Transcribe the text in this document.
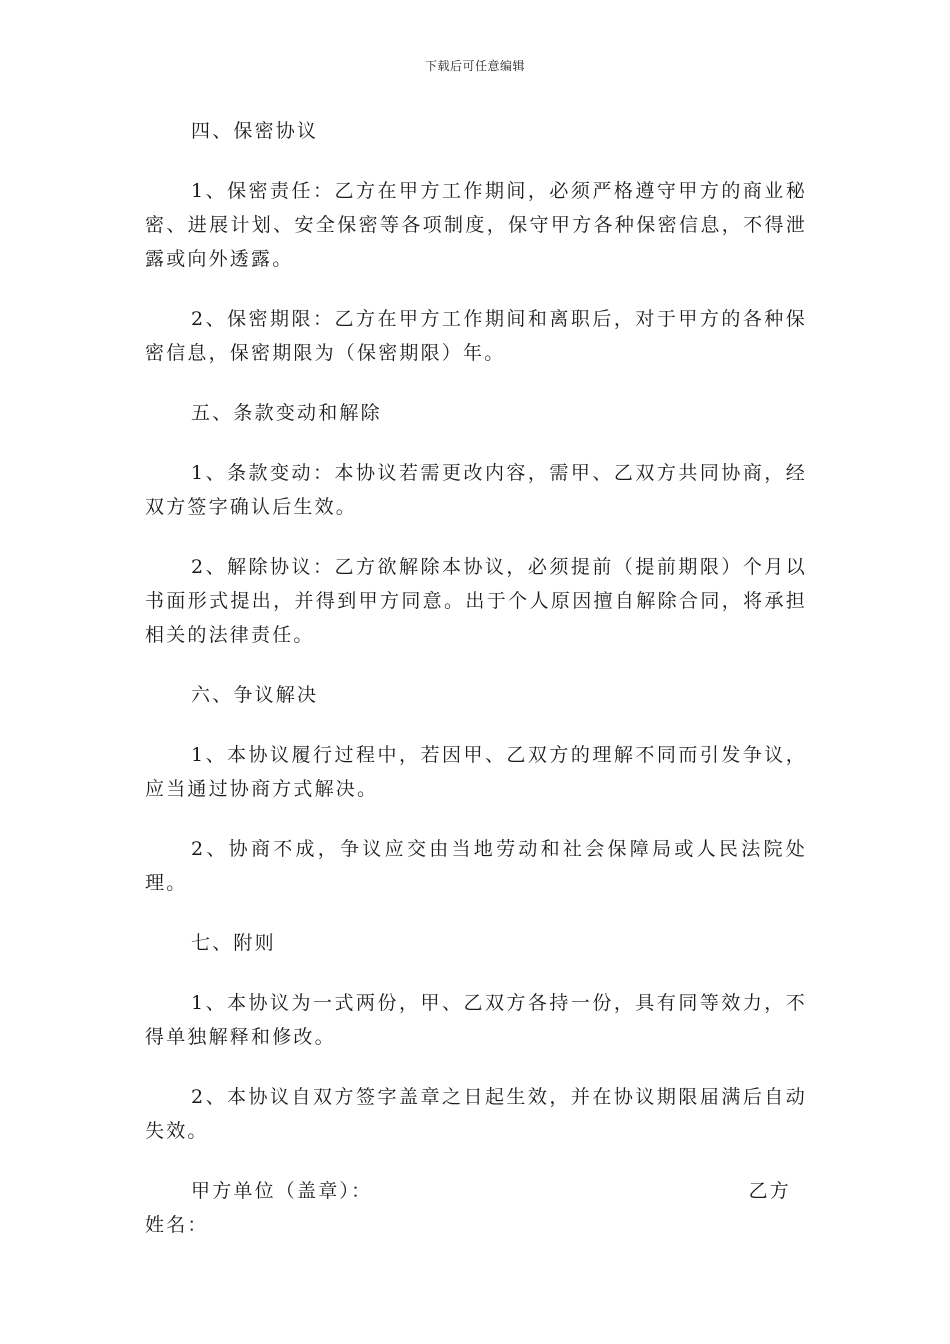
下载后可任意编辑

四、保密协议

1、保密责任：乙方在甲方工作期间，必须严格遵守甲方的商业秘密、进展计划、安全保密等各项制度，保守甲方各种保密信息，不得泄露或向外透露。

2、保密期限：乙方在甲方工作期间和离职后，对于甲方的各种保密信息，保密期限为（保密期限）年。

五、条款变动和解除

1、条款变动：本协议若需更改内容，需甲、乙双方共同协商，经双方签字确认后生效。

2、解除协议：乙方欲解除本协议，必须提前（提前期限）个月以书面形式提出，并得到甲方同意。出于个人原因擅自解除合同，将承担相关的法律责任。

六、争议解决

1、本协议履行过程中，若因甲、乙双方的理解不同而引发争议，应当通过协商方式解决。

2、协商不成，争议应交由当地劳动和社会保障局或人民法院处理。

七、附则

1、本协议为一式两份，甲、乙双方各持一份，具有同等效力，不得单独解释和修改。

2、本协议自双方签字盖章之日起生效，并在协议期限届满后自动失效。

甲方单位（盖章）：	乙方
姓名：
